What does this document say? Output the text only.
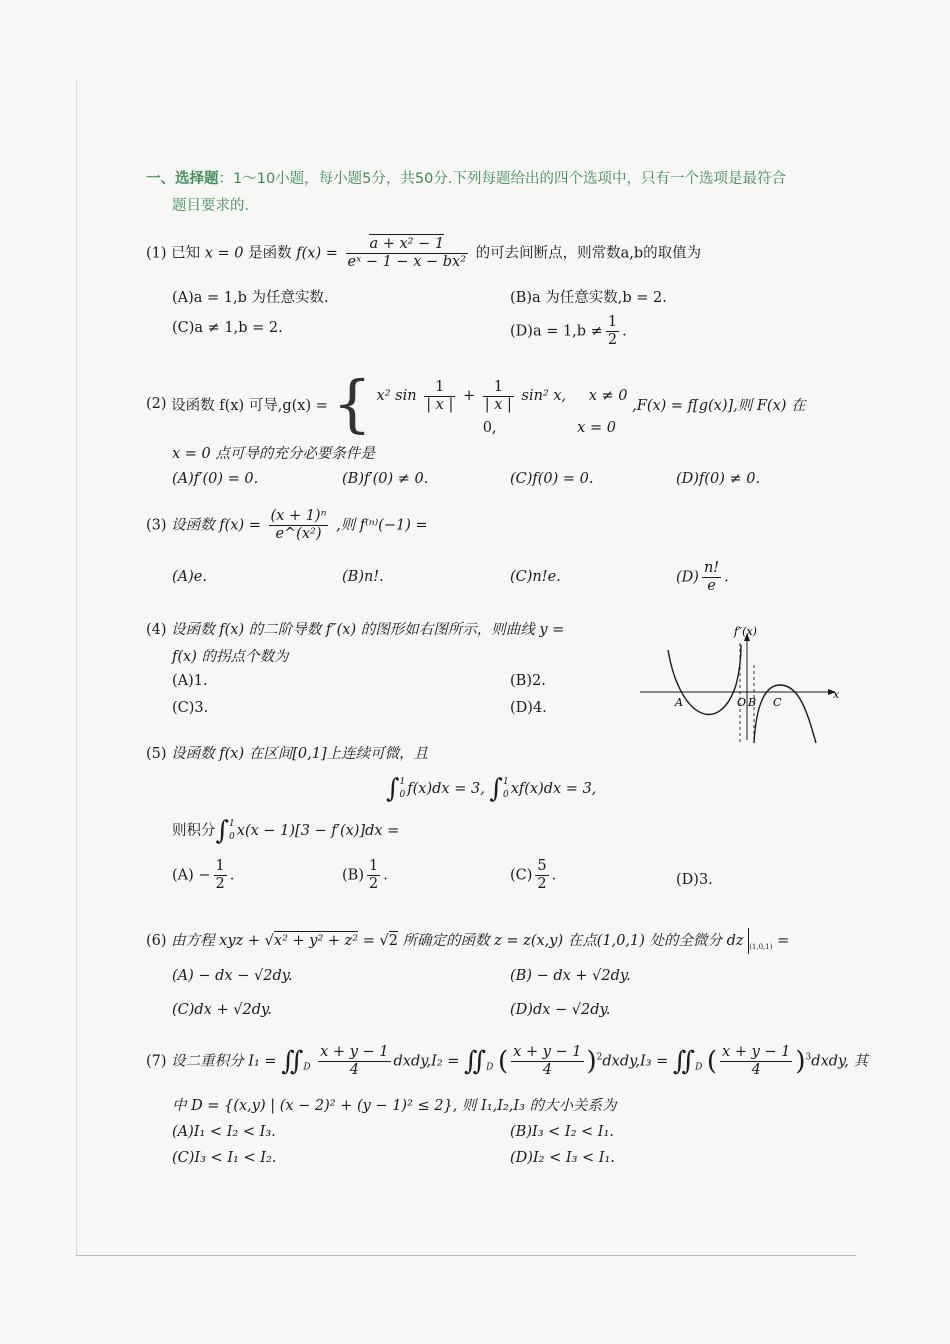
一、选择题：1～10小题，每小题5分，共50分.下列每题给出的四个选项中，只有一个选项是最符合
题目要求的.
(1) 已知 x = 0 是函数 $f(x) = \frac{\text{a + x² − 1}}{\text{eˣ − 1 − x − bx²}}$ 的可去间断点，则常数a,b的取值为
(A)a = 1,b 为任意实数.	(B)a 为任意实数,b = 2.
(C)a ≠ 1,b = 2.	$(D)a = 1,b \ne \frac{1}{2}$ .
(2) 设函数 f(x) 可导,g(x) = { x² $\sin \frac{1}{| x |} + \frac{1}{| x |} \sin^2$ x, x ≠ 0
0,	x = 0
,F(x) = f[g(x)],则 F(x) 在
x = 0 点可导的充分必要条件是
(A)f′(0) = 0.	(B)f′(0) ≠ 0.	(C)f(0) = 0.	(D)f(0) ≠ 0.
(3) 设函数 $f(x) = \frac{\text{(x + 1)ⁿ}}{\text{e\textasciicircum{}(x²)}}$ ,则 f⁽ⁿ⁾(−1) =
(A)e.	(B)n!.	(C)n!e.	$(D) \frac{n!}{e}$ .
(4) 设函数 f(x) 的二阶导数 f″(x) 的图形如右图所示，则曲线 y =
f(x) 的拐点个数为
(A)1.	(B)2.
(C)3.	(D)4.
f″(x)
x
A	O B C
(5) 设函数 f(x) 在区间[0,1]上连续可微，且
∫ 1
0 f(x)dx = 3, ∫ 1
0 xf(x)dx = 3,
则积分∫ 1
0 x(x − 1)[3 − f′(x)]dx =
$(A) - \frac{1}{2}$ .	$(B) \frac{1}{2}$ .	$(C) \frac{5}{2}$ .	(D)3.
(6) 由方程 xyz + √x² + y² + z² = √2 所确定的函数 z = z(x,y) 在点(1,0,1) 处的全微分 dz $_{(1,0,1)}$ =
(A) − dx − √2dy.	(B) − dx + √2dy.
(C)dx + √2dy.	(D)dx − √2dy.
(7) 设二重积分 $I_1 = ∬_D \frac{x + y - 1}{4}$ dxdy,I₂ = $∬_D$ ( $\frac{x + y - 1}{4}$ )$^2$dxdy,I₃ = $∬_D$ ( $\frac{x + y - 1}{4}$ )$^3$dxdy, 其
中 D = {(x,y) | (x − 2)² + (y − 1)² ≤ 2}, 则 I₁,I₂,I₃ 的大小关系为
(A)I₁ < I₂ < I₃.	(B)I₃ < I₂ < I₁.
(C)I₃ < I₁ < I₂.	(D)I₂ < I₃ < I₁.
